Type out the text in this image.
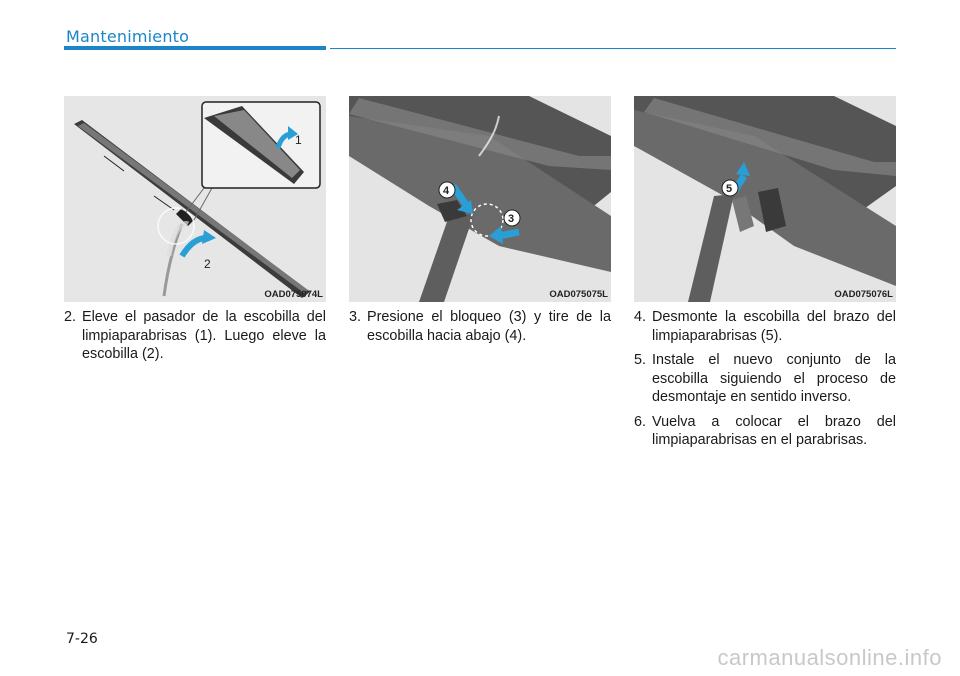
Mantenimiento
1
2
OAD075074L
4
3
OAD075075L
5
OAD075076L
2. Eleve el pasador de la escobilla del limpiaparabrisas (1). Luego eleve la escobilla (2).
3. Presione el bloqueo (3) y tire de la escobilla hacia abajo (4).
4. Desmonte la escobilla del brazo del limpiaparabrisas (5).
5. Instale el nuevo conjunto de la escobilla siguiendo el proceso de desmontaje en sentido inverso.
6. Vuelva a colocar el brazo del limpiaparabrisas en el parabrisas.
7-26
carmanualsonline.info
